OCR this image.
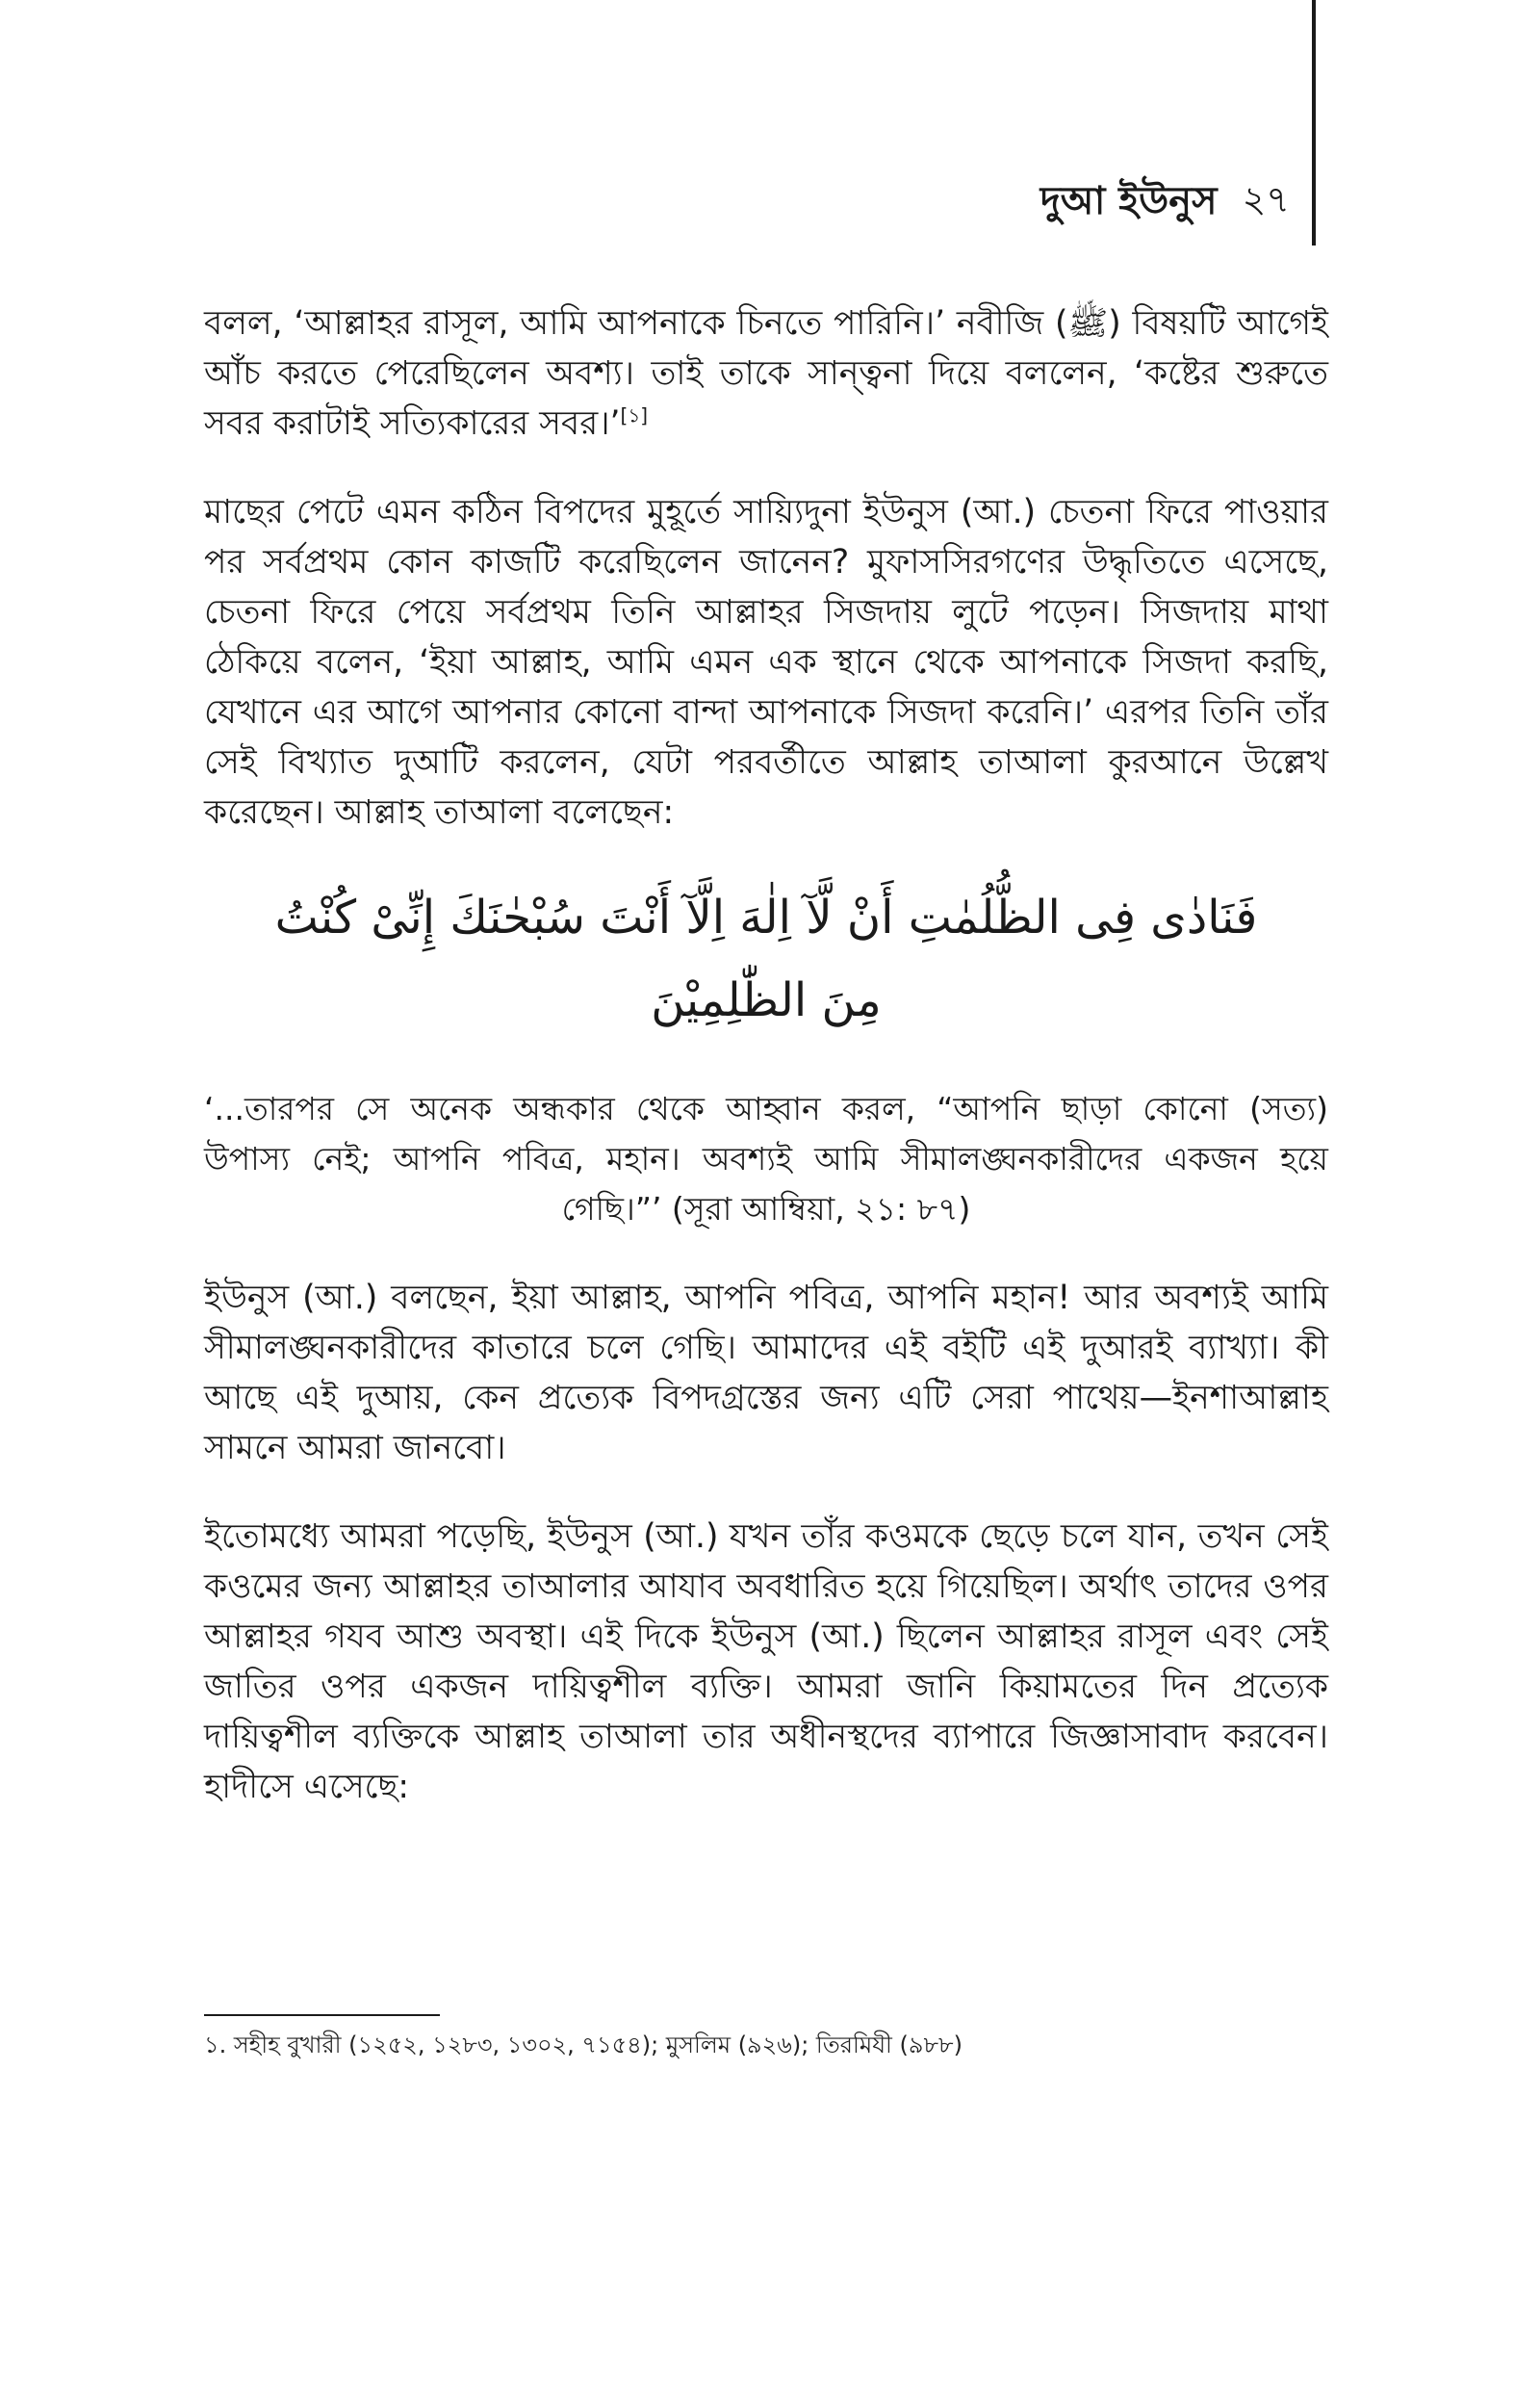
দুআ ইউনুস ২৭

বলল, ‘আল্লাহর রাসূল, আমি আপনাকে চিনতে পারিনি।’ নবীজি (ﷺ) বিষয়টি আগেই আঁচ করতে পেরেছিলেন অবশ্য। তাই তাকে সান্ত্বনা দিয়ে বললেন, ‘কষ্টের শুরুতে সবর করাটাই সত্যিকারের সবর।’[১]

মাছের পেটে এমন কঠিন বিপদের মুহূর্তে সায়্যিদুনা ইউনুস (আ.) চেতনা ফিরে পাওয়ার পর সর্বপ্রথম কোন কাজটি করেছিলেন জানেন? মুফাসসিরগণের উদ্ধৃতিতে এসেছে, চেতনা ফিরে পেয়ে সর্বপ্রথম তিনি আল্লাহর সিজদায় লুটে পড়েন। সিজদায় মাথা ঠেকিয়ে বলেন, ‘ইয়া আল্লাহ, আমি এমন এক স্থানে থেকে আপনাকে সিজদা করছি, যেখানে এর আগে আপনার কোনো বান্দা আপনাকে সিজদা করেনি।’ এরপর তিনি তাঁর সেই বিখ্যাত দুআটি করলেন, যেটা পরবর্তীতে আল্লাহ তাআলা কুরআনে উল্লেখ করেছেন। আল্লাহ তাআলা বলেছেন:

فَنَادٰى فِى الظُّلُمٰتِ أَنْ لَّآ اِلٰهَ اِلَّآ أَنْتَ سُبْحٰنَكَ إِنِّىْ كُنْتُ
مِنَ الظّٰلِمِيْنَ
‘...তারপর সে অনেক অন্ধকার থেকে আহ্বান করল, “আপনি ছাড়া কোনো (সত্য)
উপাস্য নেই; আপনি পবিত্র, মহান। অবশ্যই আমি সীমালঙ্ঘনকারীদের একজন হয়ে
গেছি।”’ (সূরা আম্বিয়া, ২১: ৮৭)

ইউনুস (আ.) বলছেন, ইয়া আল্লাহ, আপনি পবিত্র, আপনি মহান! আর অবশ্যই আমি সীমালঙ্ঘনকারীদের কাতারে চলে গেছি। আমাদের এই বইটি এই দুআরই ব্যাখ্যা। কী আছে এই দুআয়, কেন প্রত্যেক বিপদগ্রস্তের জন্য এটি সেরা পাথেয়—ইনশাআল্লাহ সামনে আমরা জানবো।

ইতোমধ্যে আমরা পড়েছি, ইউনুস (আ.) যখন তাঁর কওমকে ছেড়ে চলে যান, তখন সেই কওমের জন্য আল্লাহর তাআলার আযাব অবধারিত হয়ে গিয়েছিল। অর্থাৎ তাদের ওপর আল্লাহর গযব আশু অবস্থা। এই দিকে ইউনুস (আ.) ছিলেন আল্লাহর রাসূল এবং সেই জাতির ওপর একজন দায়িত্বশীল ব্যক্তি। আমরা জানি কিয়ামতের দিন প্রত্যেক দায়িত্বশীল ব্যক্তিকে আল্লাহ তাআলা তার অধীনস্থদের ব্যাপারে জিজ্ঞাসাবাদ করবেন। হাদীসে এসেছে:

১. সহীহ বুখারী (১২৫২, ১২৮৩, ১৩০২, ৭১৫৪); মুসলিম (৯২৬); তিরমিযী (৯৮৮)
